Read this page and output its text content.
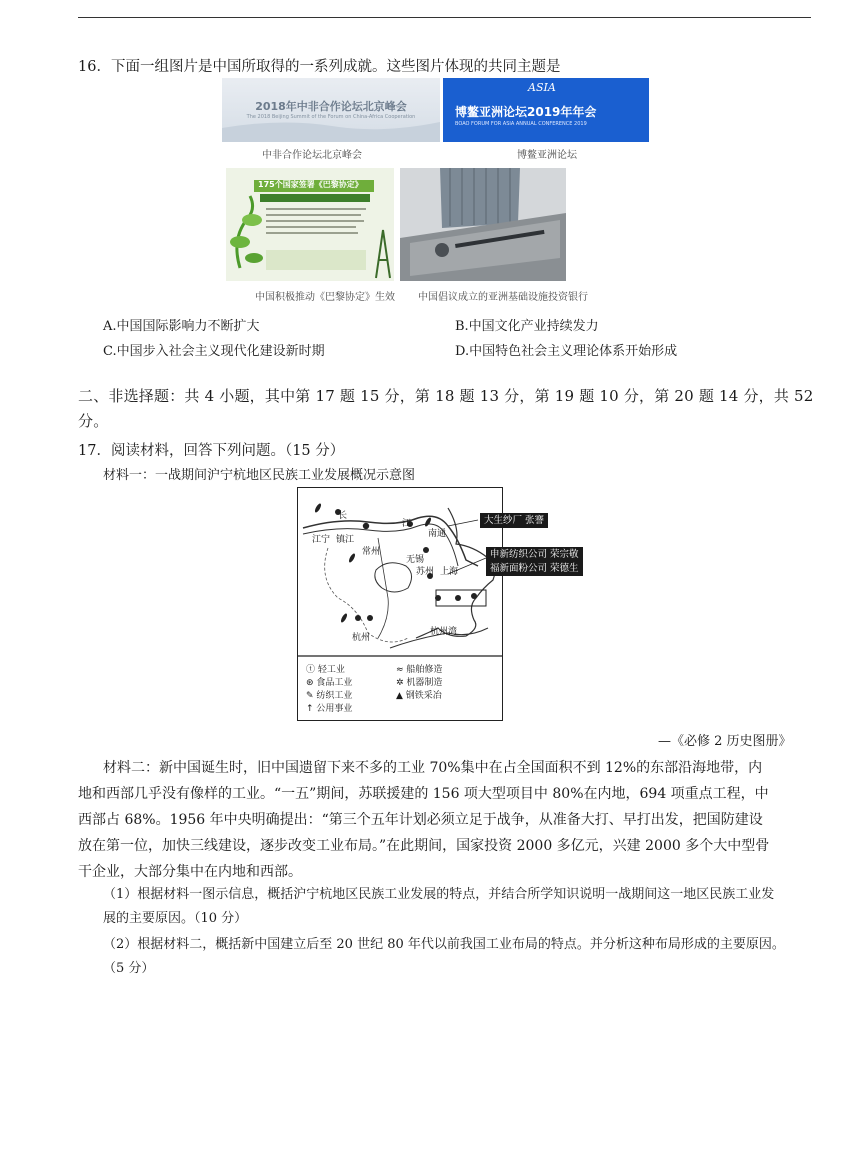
16．下面一组图片是中国所取得的一系列成就。这些图片体现的共同主题是
2018年中非合作论坛北京峰会
The 2018 Beijing Summit of the Forum on China-Africa Cooperation
中非合作论坛北京峰会
ASIA
博鳌亚洲论坛2019年年会
BOAO FORUM FOR ASIA ANNUAL CONFERENCE 2019
博鳌亚洲论坛
175个国家签署《巴黎协定》
中国积极推动《巴黎协定》生效 中国倡议成立的亚洲基础设施投资银行
A.中国国际影响力不断扩大	B.中国文化产业持续发力
C.中国步入社会主义现代化建设新时期	D.中国特色社会主义理论体系开始形成
二、非选择题：共 4 小题，其中第 17 题 15 分，第 18 题 13 分，第 19 题 10 分，第 20 题 14 分，共 52
分。
17．阅读材料，回答下列问题。（15 分）
材料一：一战期间沪宁杭地区民族工业发展概况示意图
长
江
江宁 镇江
常州
南通
无锡
苏州 上海
杭州
杭州湾
ⓣ 轻工业	≈ 船舶修造
⊛ 食品工业	✲ 机器制造
✎ 纺织工业	▲ 钢铁采冶
↑ 公用事业
大生纱厂 张謇
申新纺织公司 荣宗敬
福新面粉公司 荣德生
—《必修 2 历史图册》
材料二：新中国诞生时，旧中国遗留下来不多的工业 70%集中在占全国面积不到 12%的东部沿海地带，内
地和西部几乎没有像样的工业。“一五”期间，苏联援建的 156 项大型项目中 80%在内地，694 项重点工程，中
西部占 68%。1956 年中央明确提出：“第三个五年计划必须立足于战争，从准备大打、早打出发，把国防建设
放在第一位，加快三线建设，逐步改变工业布局。”在此期间，国家投资 2000 多亿元，兴建 2000 多个大中型骨
干企业，大部分集中在内地和西部。
（1）根据材料一图示信息，概括沪宁杭地区民族工业发展的特点，并结合所学知识说明一战期间这一地区民族工业发
展的主要原因。（10 分）
（2）根据材料二，概括新中国建立后至 20 世纪 80 年代以前我国工业布局的特点。并分析这种布局形成的主要原因。
（5 分）
